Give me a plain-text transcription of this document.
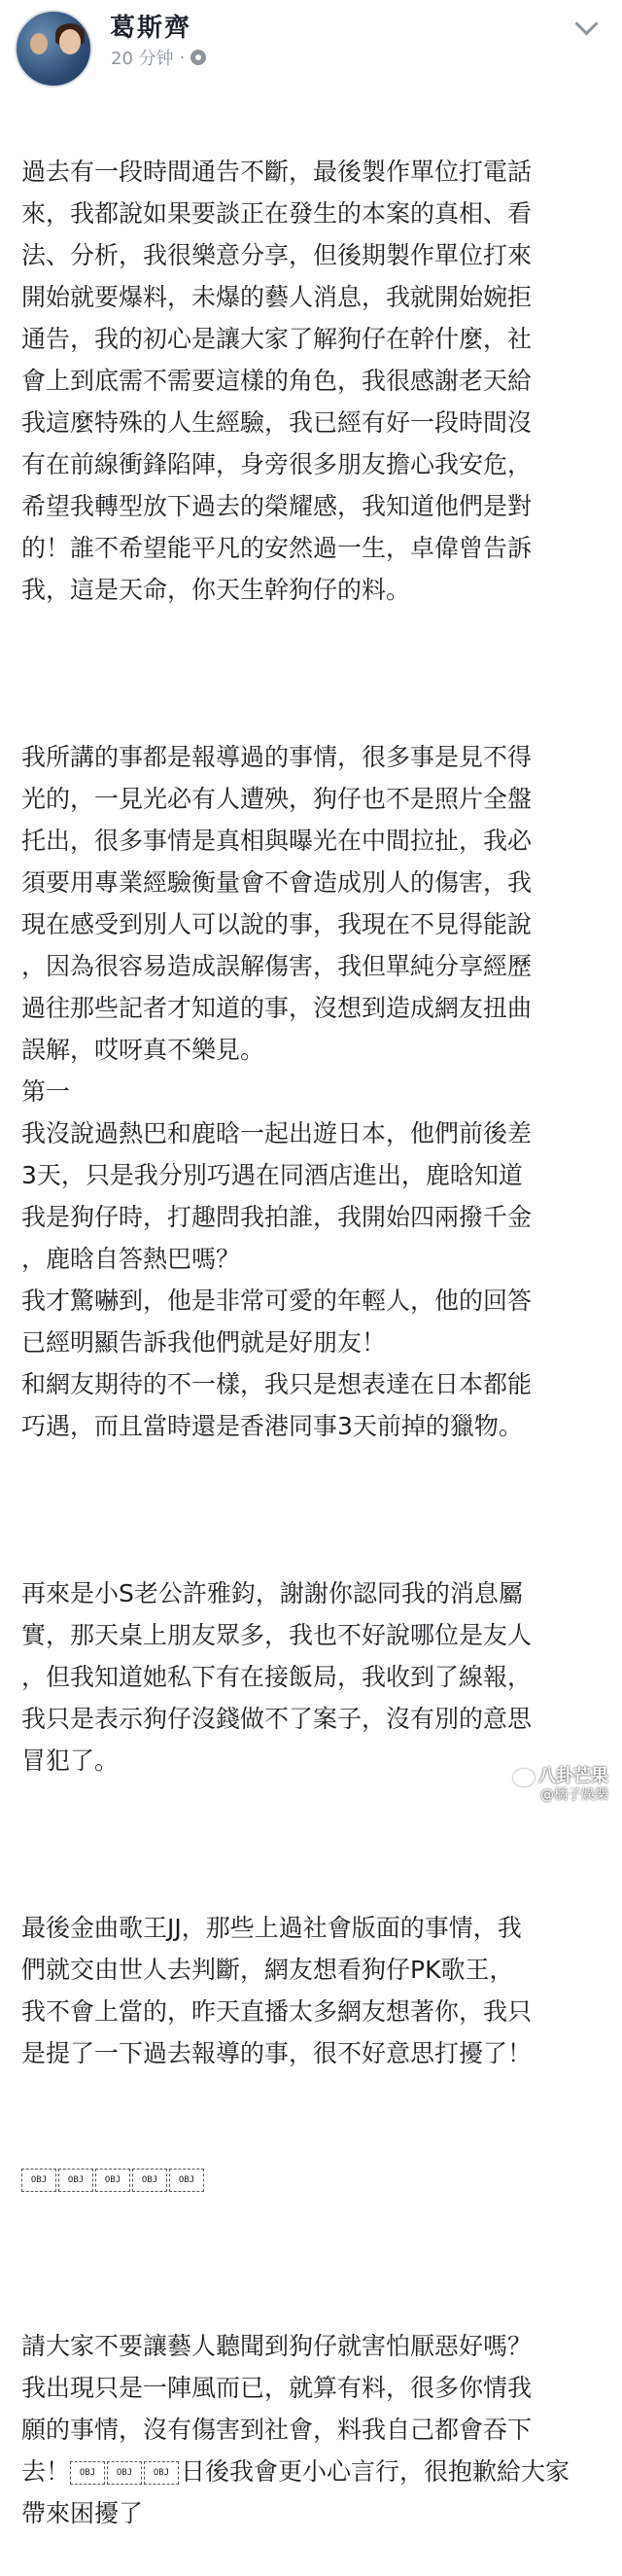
葛斯齊
20 分钟 ·

過去有一段時間通告不斷，最後製作單位打電話
來，我都說如果要談正在發生的本案的真相、看
法、分析，我很樂意分享，但後期製作單位打來
開始就要爆料，未爆的藝人消息，我就開始婉拒
通告，我的初心是讓大家了解狗仔在幹什麼，社
會上到底需不需要這樣的角色，我很感謝老天給
我這麼特殊的人生經驗，我已經有好一段時間沒
有在前線衝鋒陷陣，身旁很多朋友擔心我安危，
希望我轉型放下過去的榮耀感，我知道他們是對
的！誰不希望能平凡的安然過一生，卓偉曾告訴
我，這是天命，你天生幹狗仔的料。

我所講的事都是報導過的事情，很多事是見不得
光的，一見光必有人遭殃，狗仔也不是照片全盤
托出，很多事情是真相與曝光在中間拉扯，我必
須要用專業經驗衡量會不會造成別人的傷害，我
現在感受到別人可以說的事，我現在不見得能說
，因為很容易造成誤解傷害，我但單純分享經歷
過往那些記者才知道的事，沒想到造成網友扭曲
誤解，哎呀真不樂見。
第一
我沒說過熱巴和鹿晗一起出遊日本，他們前後差
3天，只是我分別巧遇在同酒店進出，鹿晗知道
我是狗仔時，打趣問我拍誰，我開始四兩撥千金
，鹿晗自答熱巴嗎？
我才驚嚇到，他是非常可愛的年輕人，他的回答
已經明顯告訴我他們就是好朋友！
和網友期待的不一樣，我只是想表達在日本都能
巧遇，而且當時還是香港同事3天前掉的獵物。

再來是小S老公許雅鈞，謝謝你認同我的消息屬
實，那天桌上朋友眾多，我也不好說哪位是友人
，但我知道她私下有在接飯局，我收到了線報，
我只是表示狗仔沒錢做不了案子，沒有別的意思
冒犯了。

最後金曲歌王JJ，那些上過社會版面的事情，我
們就交由世人去判斷，網友想看狗仔PK歌王，
我不會上當的，昨天直播太多網友想著你，我只
是提了一下過去報導的事，很不好意思打擾了！

OBJ OBJ OBJ OBJ OBJ

請大家不要讓藝人聽聞到狗仔就害怕厭惡好嗎？
我出現只是一陣風而已，就算有料，很多你情我
願的事情，沒有傷害到社會，料我自己都會吞下
去！ OBJ OBJ OBJ 日後我會更小心言行，很抱歉給大家
帶來困擾了

八卦芒果
@橘子娛樂
